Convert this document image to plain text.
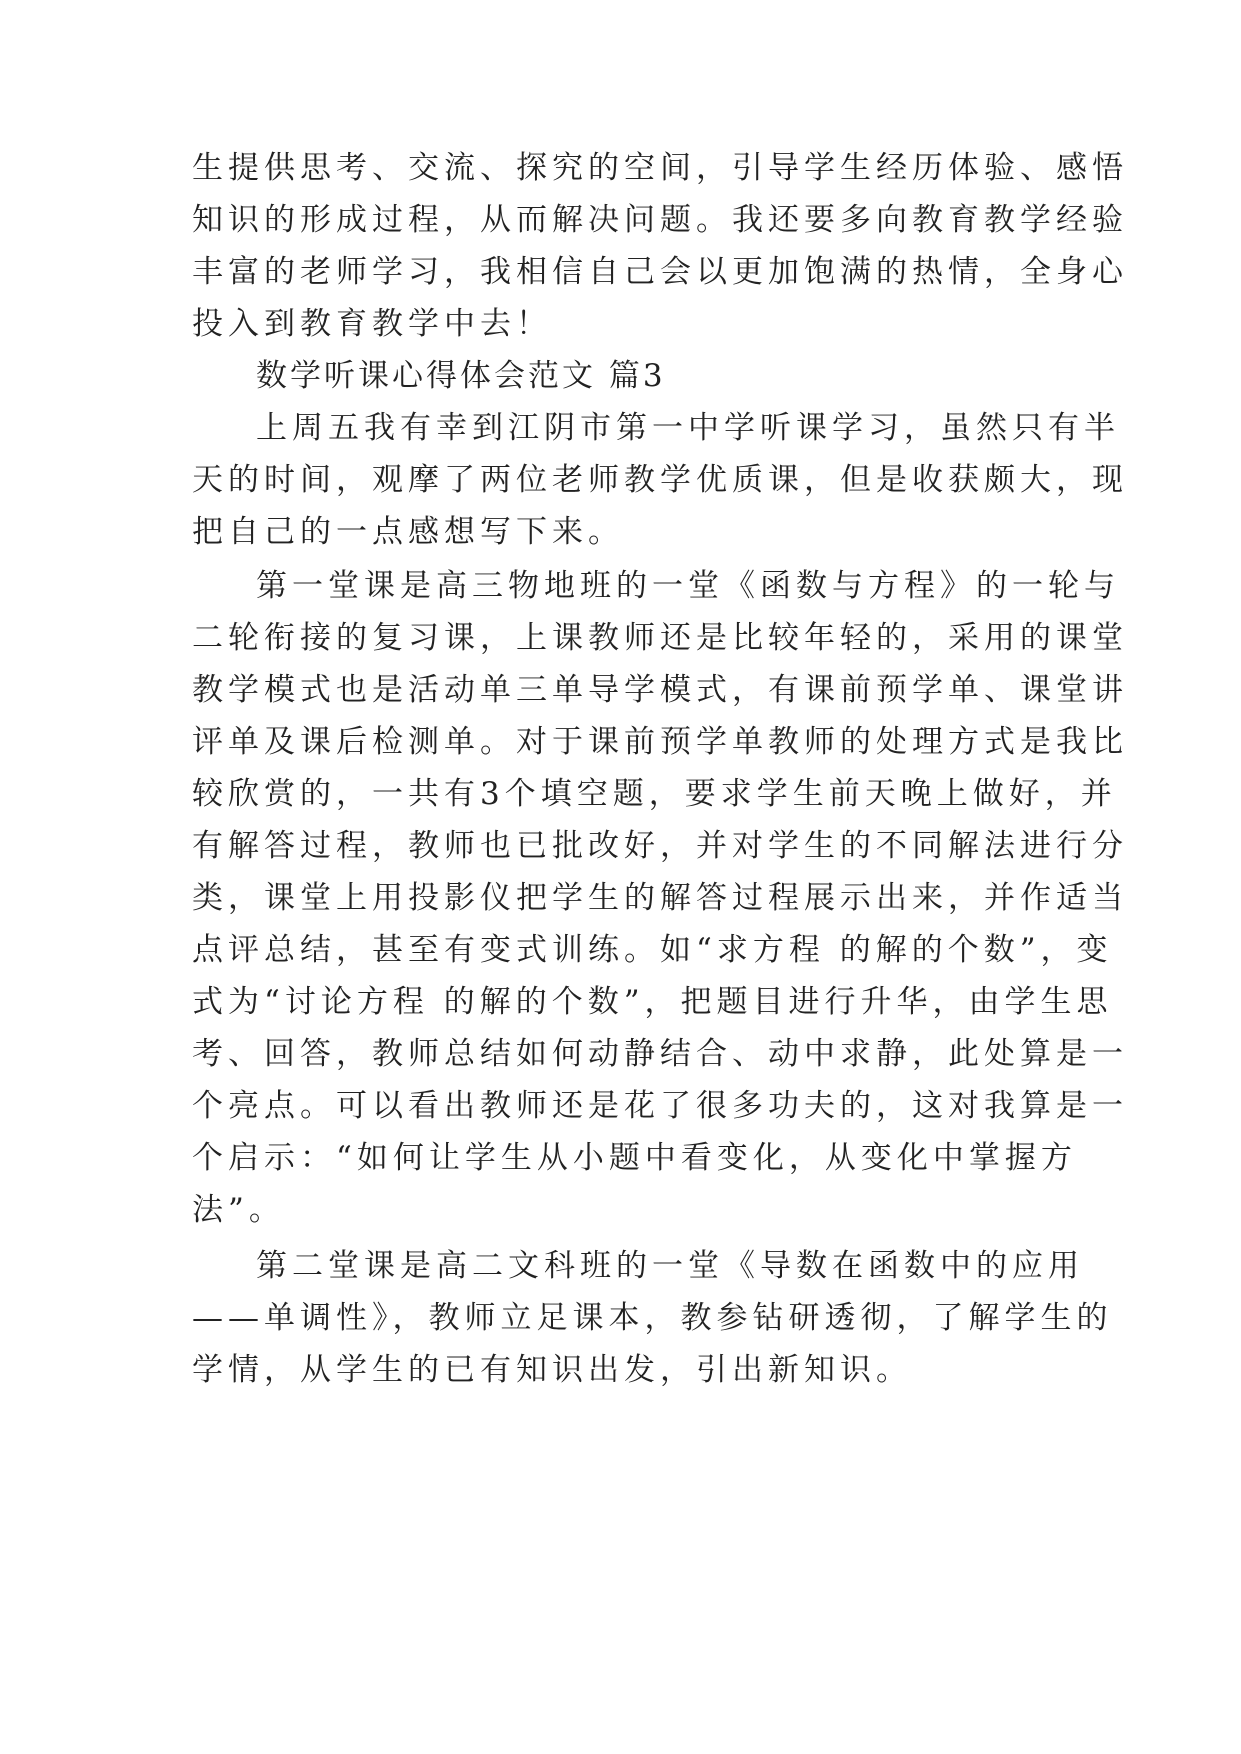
生提供思考、交流、探究的空间，引导学生经历体验、感悟
知识的形成过程，从而解决问题。我还要多向教育教学经验
丰富的老师学习，我相信自己会以更加饱满的热情，全身心
投入到教育教学中去！
数学听课心得体会范文 篇3
上周五我有幸到江阴市第一中学听课学习，虽然只有半
天的时间，观摩了两位老师教学优质课，但是收获颇大，现
把自己的一点感想写下来。
第一堂课是高三物地班的一堂《函数与方程》的一轮与
二轮衔接的复习课，上课教师还是比较年轻的，采用的课堂
教学模式也是活动单三单导学模式，有课前预学单、课堂讲
评单及课后检测单。对于课前预学单教师的处理方式是我比
较欣赏的，一共有3个填空题，要求学生前天晚上做好，并
有解答过程，教师也已批改好，并对学生的不同解法进行分
类，课堂上用投影仪把学生的解答过程展示出来，并作适当
点评总结，甚至有变式训练。如“求方程 的解的个数”，变
式为“讨论方程 的解的个数”，把题目进行升华，由学生思
考、回答，教师总结如何动静结合、动中求静，此处算是一
个亮点。可以看出教师还是花了很多功夫的，这对我算是一
个启示：“如何让学生从小题中看变化，从变化中掌握方
法”。
第二堂课是高二文科班的一堂《导数在函数中的应用
——单调性》，教师立足课本，教参钻研透彻，了解学生的
学情，从学生的已有知识出发，引出新知识。
